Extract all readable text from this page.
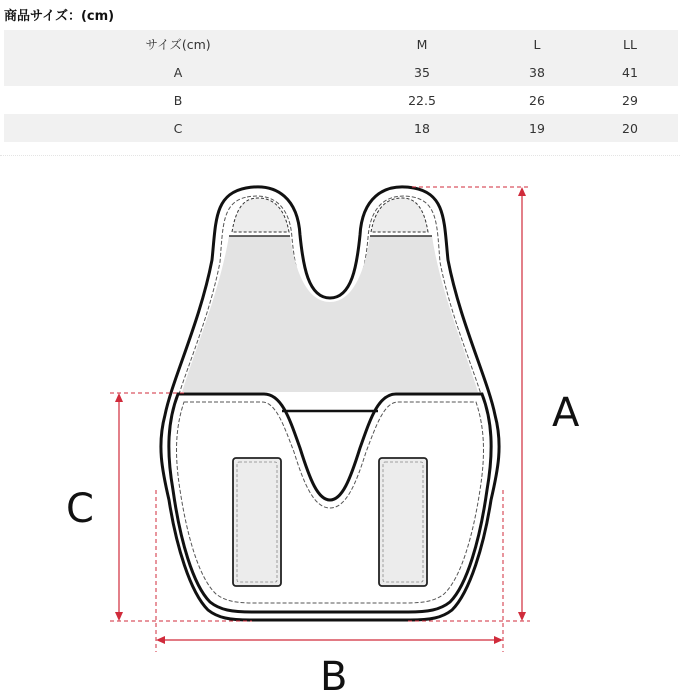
商品サイズ：(cm)
サイズ(cm)	M	L	LL
A	35	38	41
B	22.5	26	29
C	18	19	20
A
B
C
